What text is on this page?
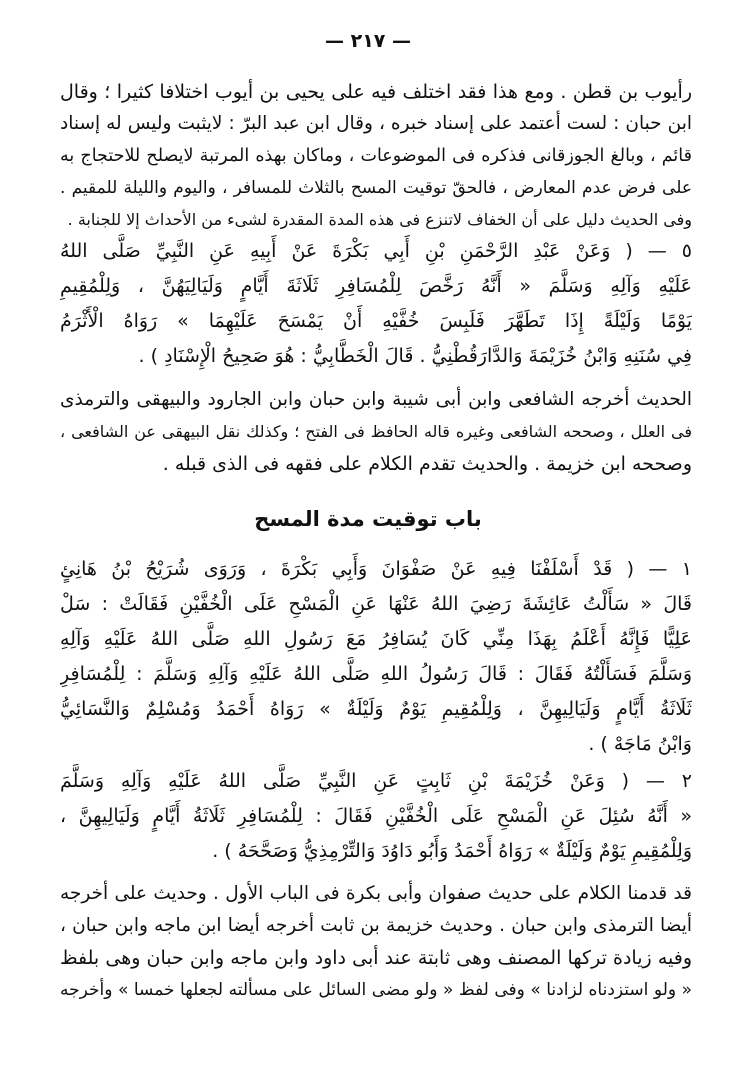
— ٢١٧ —
رأيوب بن قطن . ومع هذا فقد اختلف فيه على يحيى بن أيوب اختلافا كثيرا ؛ وقال
ابن حبان : لست أعتمد على إسناد خبره ، وقال ابن عبد البرّ : لايثبت وليس له إسناد
قائم ، وبالغ الجوزقانى فذكره فى الموضوعات ، وماكان بهذه المرتبة لايصلح للاحتجاج به
على فرض عدم المعارض ، فالحقّ توقيت المسح بالثلاث للمسافر ، واليوم والليلة للمقيم .
وفى الحديث دليل على أن الخفاف لاتنزع فى هذه المدة المقدرة لشىء من الأحداث إلا للجنابة .
٥ — ( وَعَنْ عَبْدِ الرَّحْمَنِ بْنِ أَبِي بَكْرَةَ عَنْ أَبِيهِ عَنِ النَّبِيِّ صَلَّى اللهُ
عَلَيْهِ وَآلِهِ وَسَلَّمَ « أَنَّهُ رَخَّصَ لِلْمُسَافِرِ ثَلَاثَةَ أَيَّامٍ وَلَيَالِيَهُنَّ ، وَلِلْمُقِيمِ
يَوْمًا وَلَيْلَةً إِذَا تَطَهَّرَ فَلَبِسَ خُفَّيْهِ أَنْ يَمْسَحَ عَلَيْهِمَا » رَوَاهُ الْأَثْرَمُ
فِي سُنَنِهِ وَابْنُ خُزَيْمَةَ وَالدَّارَقُطْنِيُّ . قَالَ الْخَطَّابِيُّ : هُوَ صَحِيحُ الْإِسْنَادِ ) .
الحديث أخرجه الشافعى وابن أبى شيبة وابن حبان وابن الجارود والبيهقى والترمذى
فى العلل ، وصححه الشافعى وغيره قاله الحافظ فى الفتح ؛ وكذلك نقل البيهقى عن الشافعى ،
وصححه ابن خزيمة . والحديث تقدم الكلام على فقهه فى الذى قبله .
باب توقيت مدة المسح
١ — ( قَدْ أَسْلَفْنَا فِيهِ عَنْ صَفْوَانَ وَأَبِي بَكْرَةَ ، وَرَوَى شُرَيْحُ بْنُ هَانِئٍ
قَالَ « سَأَلْتُ عَائِشَةَ رَضِيَ اللهُ عَنْهَا عَنِ الْمَسْحِ عَلَى الْخُفَّيْنِ فَقَالَتْ : سَلْ
عَلِيًّا فَإِنَّهُ أَعْلَمُ بِهَذَا مِنِّي كَانَ يُسَافِرُ مَعَ رَسُولِ اللهِ صَلَّى اللهُ عَلَيْهِ وَآلِهِ
وَسَلَّمَ فَسَأَلْتُهُ فَقَالَ : قَالَ رَسُولُ اللهِ صَلَّى اللهُ عَلَيْهِ وَآلِهِ وَسَلَّمَ : لِلْمُسَافِرِ
ثَلَاثَةُ أَيَّامٍ وَلَيَالِيهِنَّ ، وَلِلْمُقِيمِ يَوْمٌ وَلَيْلَةٌ » رَوَاهُ أَحْمَدُ وَمُسْلِمٌ وَالنَّسَائِيُّ
وَابْنُ مَاجَهْ ) .
٢ — ( وَعَنْ خُزَيْمَةَ بْنِ ثَابِتٍ عَنِ النَّبِيِّ صَلَّى اللهُ عَلَيْهِ وَآلِهِ وَسَلَّمَ
« أَنَّهُ سُئِلَ عَنِ الْمَسْحِ عَلَى الْخُفَّيْنِ فَقَالَ : لِلْمُسَافِرِ ثَلَاثَةُ أَيَّامٍ وَلَيَالِيهِنَّ ،
وَلِلْمُقِيمِ يَوْمٌ وَلَيْلَةٌ » رَوَاهُ أَحْمَدُ وَأَبُو دَاوُدَ وَالتِّرْمِذِيُّ وَصَحَّحَهُ ) .
قد قدمنا الكلام على حديث صفوان وأبى بكرة فى الباب الأول . وحديث على أخرجه
أيضا الترمذى وابن حبان . وحديث خزيمة بن ثابت أخرجه أيضا ابن ماجه وابن حبان ،
وفيه زيادة تركها المصنف وهى ثابتة عند أبى داود وابن ماجه وابن حبان وهى بلفظ
« ولو استزدناه لزادنا » وفى لفظ « ولو مضى السائل على مسألته لجعلها خمسا » وأخرجه
